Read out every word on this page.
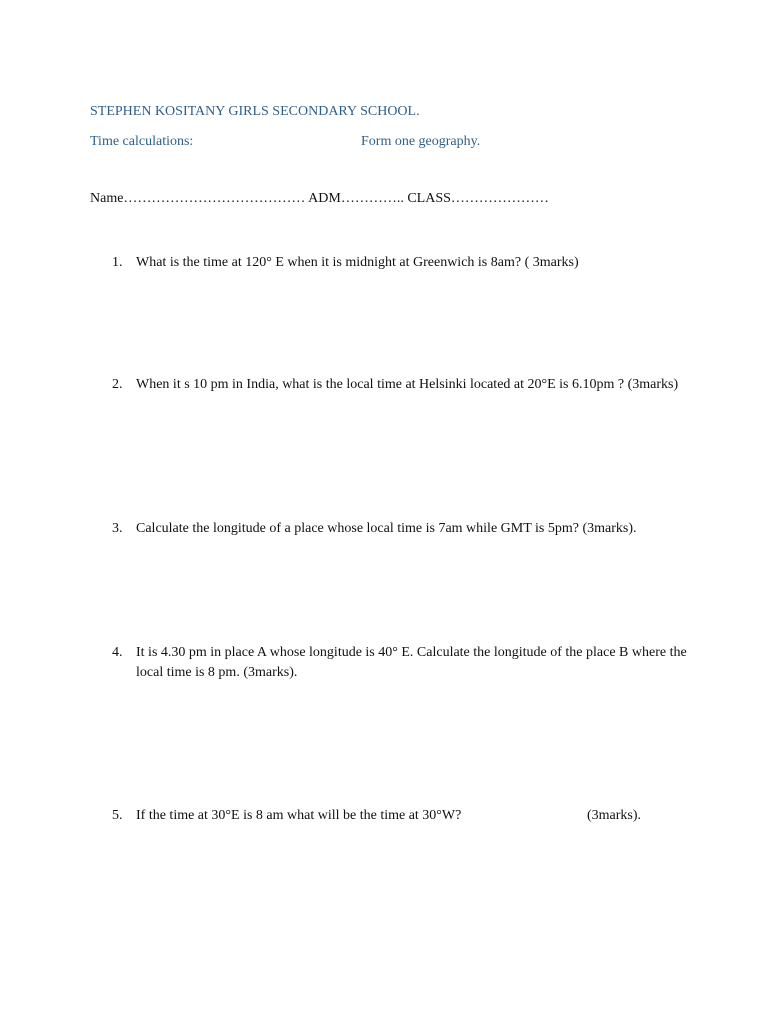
STEPHEN KOSITANY GIRLS SECONDARY SCHOOL.
Time calculations:	Form one geography.
Name………………………………… ADM………….. CLASS…………………
1. What is the time at 120° E when it is midnight at Greenwich is 8am? ( 3marks)
2. When it s 10 pm in India, what is the local time at Helsinki located at 20°E is 6.10pm ? (3marks)
3. Calculate the longitude of a place whose local time is 7am while GMT is 5pm? (3marks).
4. It is 4.30 pm in place A whose longitude is 40° E. Calculate the longitude of the place B where the local time is 8 pm. (3marks).
5. If the time at 30°E is 8 am what will be the time at 30°W?	(3marks).
